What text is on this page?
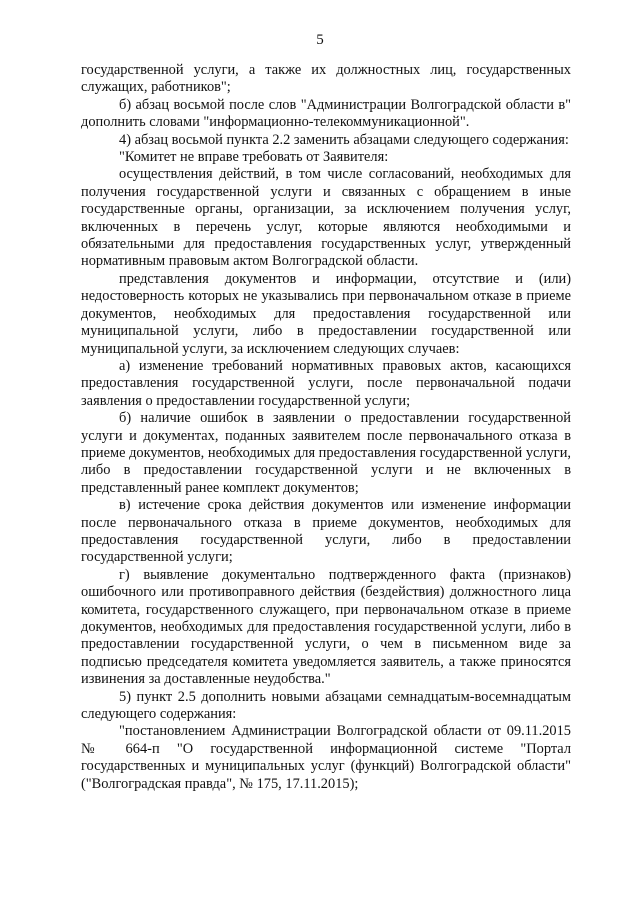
5

государственной услуги, а также их должностных лиц, государственных служащих, работников";

б) абзац восьмой после слов "Администрации Волгоградской области в" дополнить словами "информационно-телекоммуникационной".

4) абзац восьмой пункта 2.2 заменить абзацами следующего содержания:

"Комитет не вправе требовать от Заявителя:

осуществления действий, в том числе согласований, необходимых для получения государственной услуги и связанных с обращением в иные государственные органы, организации, за исключением получения услуг, включенных в перечень услуг, которые являются необходимыми и обязательными для предоставления государственных услуг, утвержденный нормативным правовым актом Волгоградской области.

представления документов и информации, отсутствие и (или) недостоверность которых не указывались при первоначальном отказе в приеме документов, необходимых для предоставления государственной или муниципальной услуги, либо в предоставлении государственной или муниципальной услуги, за исключением следующих случаев:

а) изменение требований нормативных правовых актов, касающихся предоставления государственной услуги, после первоначальной подачи заявления о предоставлении государственной услуги;

б) наличие ошибок в заявлении о предоставлении государственной услуги и документах, поданных заявителем после первоначального отказа в приеме документов, необходимых для предоставления государственной услуги, либо в предоставлении государственной услуги и не включенных в представленный ранее комплект документов;

в) истечение срока действия документов или изменение информации после первоначального отказа в приеме документов, необходимых для предоставления государственной услуги, либо в предоставлении государственной услуги;

г) выявление документально подтвержденного факта (признаков) ошибочного или противоправного действия (бездействия) должностного лица комитета, государственного служащего, при первоначальном отказе в приеме документов, необходимых для предоставления государственной услуги, либо в предоставлении государственной услуги, о чем в письменном виде за подписью председателя комитета уведомляется заявитель, а также приносятся извинения за доставленные неудобства."

5) пункт 2.5 дополнить новыми абзацами семнадцатым-восемнадцатым следующего содержания:

"постановлением Администрации Волгоградской области от 09.11.2015 № 664-п "О государственной информационной системе "Портал государственных и муниципальных услуг (функций) Волгоградской области" ("Волгоградская правда", № 175, 17.11.2015);
